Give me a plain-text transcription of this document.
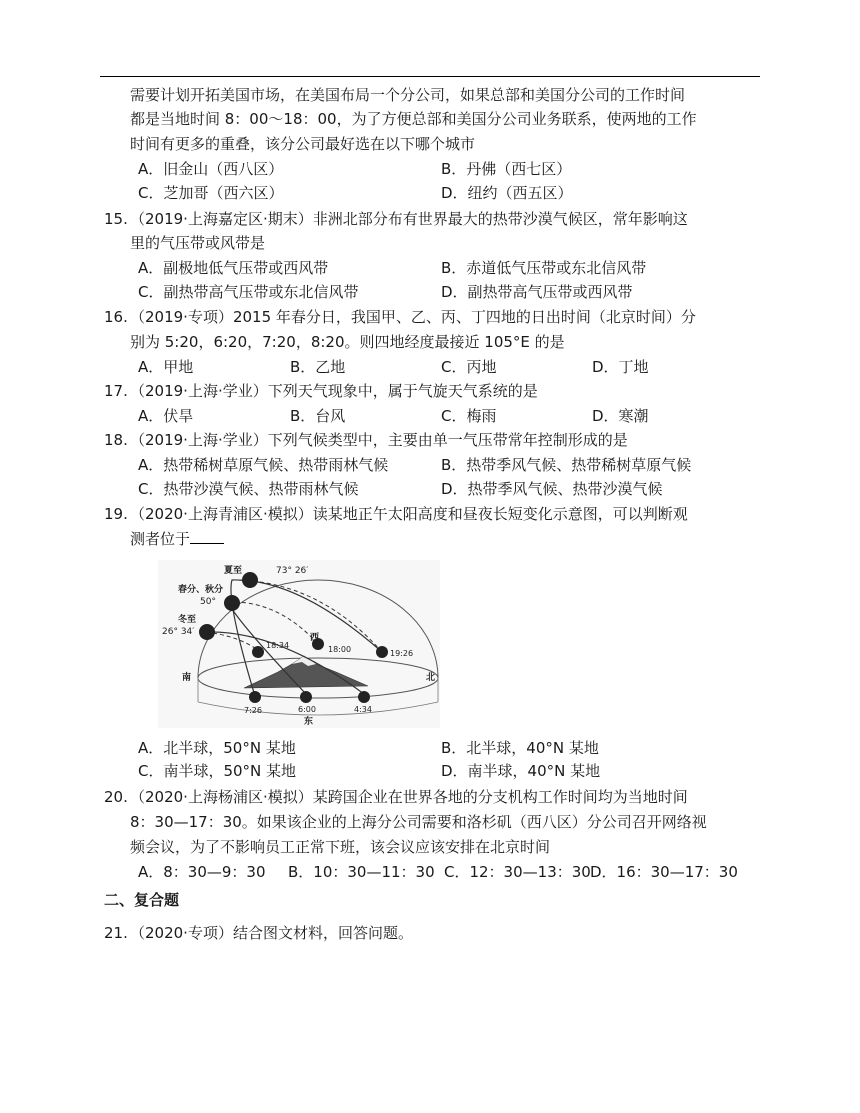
需要计划开拓美国市场，在美国布局一个分公司，如果总部和美国分公司的工作时间
都是当地时间 8：00～18：00，为了方便总部和美国分公司业务联系，使两地的工作
时间有更多的重叠，该分公司最好选在以下哪个城市
A．旧金山（西八区）	B．丹佛（西七区）
C．芝加哥（西六区）	D．纽约（西五区）
15. （2019·上海嘉定区·期末）非洲北部分布有世界最大的热带沙漠气候区，常年影响这
里的气压带或风带是
A．副极地低气压带或西风带	B．赤道低气压带或东北信风带
C．副热带高气压带或东北信风带	D．副热带高气压带或西风带
16. （2019·专项）2015 年春分日，我国甲、乙、丙、丁四地的日出时间（北京时间）分
别为 5:20，6:20，7:20，8:20。则四地经度最接近 105°E 的是
A．甲地	B．乙地	C．丙地	D．丁地
17. （2019·上海·学业）下列天气现象中，属于气旋天气系统的是
A．伏旱	B．台风	C．梅雨	D．寒潮
18. （2019·上海·学业）下列气候类型中，主要由单一气压带常年控制形成的是
A．热带稀树草原气候、热带雨林气候	B．热带季风气候、热带稀树草原气候
C．热带沙漠气候、热带雨林气候	D．热带季风气候、热带沙漠气候
19. （2020·上海青浦区·模拟）读某地正午太阳高度和昼夜长短变化示意图，可以判断观
测者位于
夏至	73° 26′
春分、秋分
50°
冬至
26° 34′
18:34
西
18:00	19:26
南	北
7:26	6:00	4:34
东
A．北半球，50°N 某地	B．北半球，40°N 某地
C．南半球，50°N 某地	D．南半球，40°N 某地
20. （2020·上海杨浦区·模拟）某跨国企业在世界各地的分支机构工作时间均为当地时间
8：30—17：30。如果该企业的上海分公司需要和洛杉矶（西八区）分公司召开网络视
频会议，为了不影响员工正常下班，该会议应该安排在北京时间
A．8：30—9：30 B．10：30—11：30 C．12：30—13：30 D．16：30—17：30
二、复合题
21. （2020·专项）结合图文材料，回答问题。
